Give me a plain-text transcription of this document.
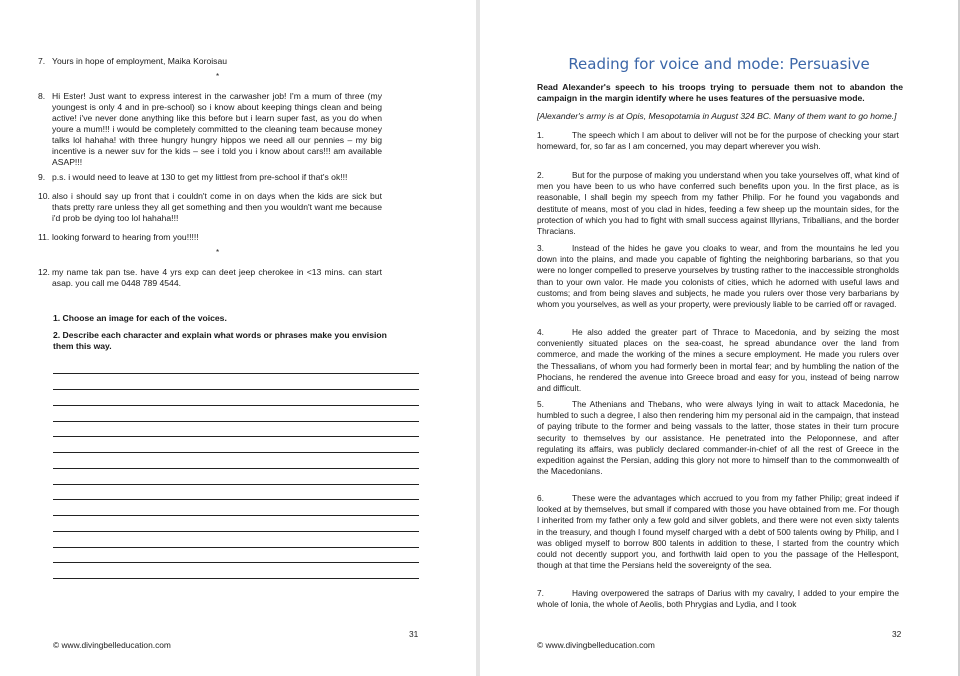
7. Yours in hope of employment, Maika Koroisau
*
8. Hi Ester! Just want to express interest in the carwasher job! I'm a mum of three (my youngest is only 4 and in pre-school) so i know about keeping things clean and being active! i've never done anything like this before but i learn super fast, as you do when youre a mum!!! i would be completely committed to the cleaning team because money talks lol hahaha! with three hungry hungry hippos we need all our pennies – my big incentive is a newer suv for the kids – see i told you i know about cars!!! am available ASAP!!!
9. p.s. i would need to leave at 130 to get my littlest from pre-school if that's ok!!!
10. also i should say up front that i couldn't come in on days when the kids are sick but thats pretty rare unless they all get something and then you wouldn't want me because i'd prob be dying too lol hahaha!!!
11. looking forward to hearing from you!!!!!
*
12. my name tak pan tse. have 4 yrs exp can deet jeep cherokee in <13 mins. can start asap. you call me 0448 789 4544.
1. Choose an image for each of the voices.
2. Describe each character and explain what words or phrases make you envision them this way.
31
© www.divingbelleducation.com
Reading for voice and mode: Persuasive
Read Alexander's speech to his troops trying to persuade them not to abandon the campaign in the margin identify where he uses features of the persuasive mode.
[Alexander's army is at Opis, Mesopotamia in August 324 BC. Many of them want to go home.]
1.	The speech which I am about to deliver will not be for the purpose of checking your start homeward, for, so far as I am concerned, you may depart wherever you wish.
2.	But for the purpose of making you understand when you take yourselves off, what kind of men you have been to us who have conferred such benefits upon you. In the first place, as is reasonable, I shall begin my speech from my father Philip. For he found you vagabonds and destitute of means, most of you clad in hides, feeding a few sheep up the mountain sides, for the protection of which you had to fight with small success against Illyrians, Triballians, and the border Thracians.
3.	Instead of the hides he gave you cloaks to wear, and from the mountains he led you down into the plains, and made you capable of fighting the neighboring barbarians, so that you were no longer compelled to preserve yourselves by trusting rather to the inaccessible strongholds than to your own valor. He made you colonists of cities, which he adorned with useful laws and customs; and from being slaves and subjects, he made you rulers over those very barbarians by whom you yourselves, as well as your property, were previously liable to be carried off or ravaged.
4.	He also added the greater part of Thrace to Macedonia, and by seizing the most conveniently situated places on the sea-coast, he spread abundance over the land from commerce, and made the working of the mines a secure employment. He made you rulers over the Thessalians, of whom you had formerly been in mortal fear; and by humbling the nation of the Phocians, he rendered the avenue into Greece broad and easy for you, instead of being narrow and difficult.
5.	The Athenians and Thebans, who were always lying in wait to attack Macedonia, he humbled to such a degree, I also then rendering him my personal aid in the campaign, that instead of paying tribute to the former and being vassals to the latter, those states in their turn procure security to themselves by our assistance. He penetrated into the Peloponnese, and after regulating its affairs, was publicly declared commander-in-chief of all the rest of Greece in the expedition against the Persian, adding this glory not more to himself than to the commonwealth of the Macedonians.
6.	These were the advantages which accrued to you from my father Philip; great indeed if looked at by themselves, but small if compared with those you have obtained from me. For though I inherited from my father only a few gold and silver goblets, and there were not even sixty talents in the treasury, and though I found myself charged with a debt of 500 talents owing by Philip, and I was obliged myself to borrow 800 talents in addition to these, I started from the country which could not decently support you, and forthwith laid open to you the passage of the Hellespont, though at that time the Persians held the sovereignty of the sea.
7.	Having overpowered the satraps of Darius with my cavalry, I added to your empire the whole of Ionia, the whole of Aeolis, both Phrygias and Lydia, and I took
32
© www.divingbelleducation.com
